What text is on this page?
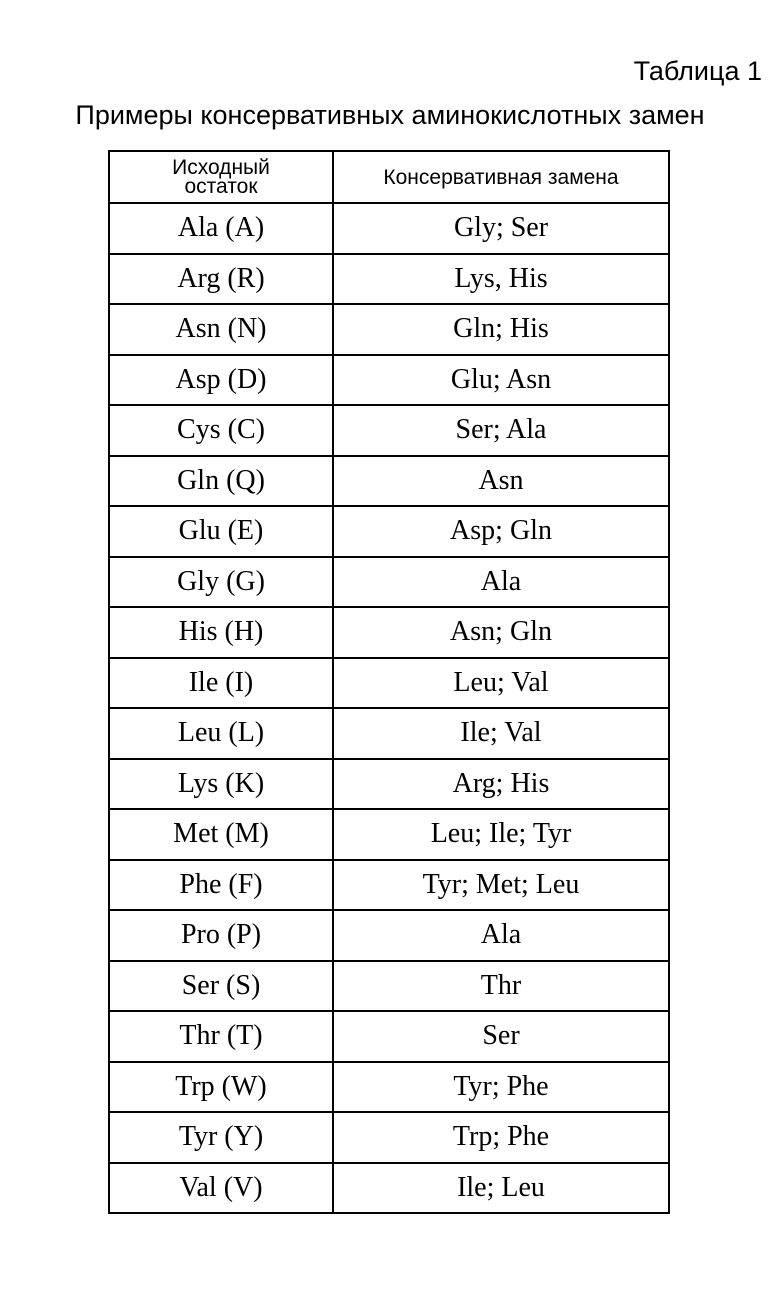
Таблица 1
Примеры консервативных аминокислотных замен
Исходный
остаток	Консервативная замена
Ala (A)	Gly; Ser
Arg (R)	Lys, His
Asn (N)	Gln; His
Asp (D)	Glu; Asn
Cys (C)	Ser; Ala
Gln (Q)	Asn
Glu (E)	Asp; Gln
Gly (G)	Ala
His (H)	Asn; Gln
Ile (I)	Leu; Val
Leu (L)	Ile; Val
Lys (K)	Arg; His
Met (M)	Leu; Ile; Tyr
Phe (F)	Tyr; Met; Leu
Pro (P)	Ala
Ser (S)	Thr
Thr (T)	Ser
Trp (W)	Tyr; Phe
Tyr (Y)	Trp; Phe
Val (V)	Ile; Leu
